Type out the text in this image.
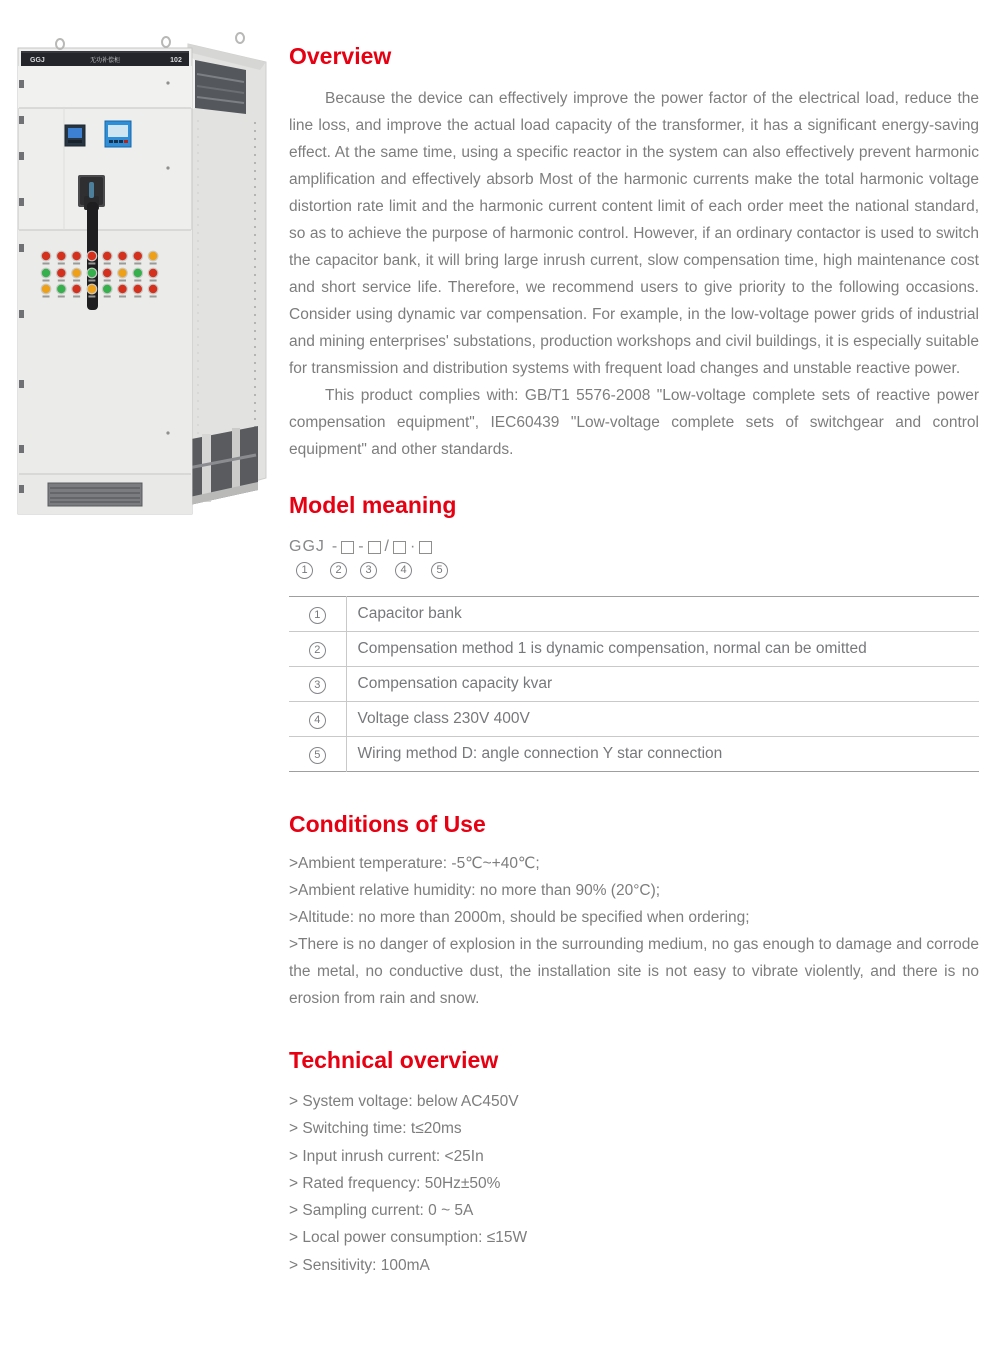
GGJ	无功补偿柜	102	Overview

Because the device can effectively improve the power factor of the electrical load, reduce the line loss, and improve the actual load capacity of the transformer, it has a significant energy-saving effect. At the same time, using a specific reactor in the system can also effectively prevent harmonic amplification and effectively absorb Most of the harmonic currents make the total harmonic voltage distortion rate limit and the harmonic current content limit of each order meet the national standard, so as to achieve the purpose of harmonic control. However, if an ordinary contactor is used to switch the capacitor bank, it will bring large inrush current, slow compensation time, high maintenance cost and short service life. Therefore, we recommend users to give priority to the following occasions. Consider using dynamic var compensation. For example, in the low-voltage power grids of industrial and mining enterprises' substations, production workshops and civil buildings, it is especially suitable for transmission and distribution systems with frequent load changes and unstable reactive power.

This product complies with: GB/T1 5576-2008 "Low-voltage complete sets of reactive power compensation equipment", IEC60439 "Low-voltage complete sets of switchgear and control equipment" and other standards.

Model meaning
GGJ - - / ·
1	2	3	4	5
1	Capacitor bank
2	Compensation method 1 is dynamic compensation, normal can be omitted
3	Compensation capacity kvar
4	Voltage class 230V 400V
5	Wiring method D: angle connection Y star connection
Conditions of Use
>Ambient temperature: -5℃~+40℃;
>Ambient relative humidity: no more than 90% (20°C);
>Altitude: no more than 2000m, should be specified when ordering;
>There is no danger of explosion in the surrounding medium, no gas enough to damage and corrode the metal, no conductive dust, the installation site is not easy to vibrate violently, and there is no erosion from rain and snow.
Technical overview
> System voltage: below AC450V
> Switching time: t≤20ms
> Input inrush current: <25In
> Rated frequency: 50Hz±50%
> Sampling current: 0 ~ 5A
> Local power consumption: ≤15W
> Sensitivity: 100mA
